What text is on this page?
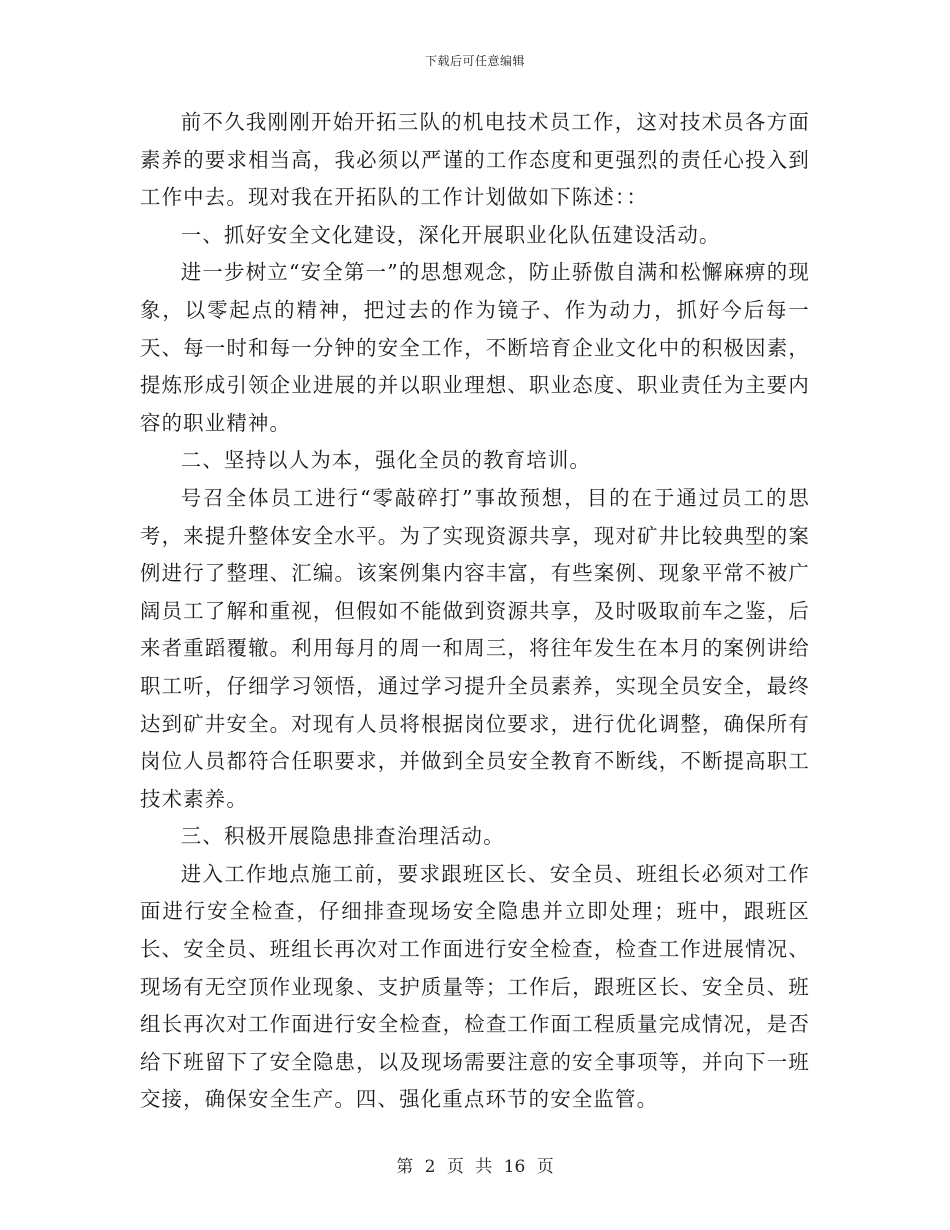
下载后可任意编辑

前不久我刚刚开始开拓三队的机电技术员工作，这对技术员各方面素养的要求相当高，我必须以严谨的工作态度和更强烈的责任心投入到工作中去。现对我在开拓队的工作计划做如下陈述：：

一、抓好安全文化建设，深化开展职业化队伍建设活动。

进一步树立“安全第一”的思想观念，防止骄傲自满和松懈麻痹的现象，以零起点的精神，把过去的作为镜子、作为动力，抓好今后每一天、每一时和每一分钟的安全工作，不断培育企业文化中的积极因素，提炼形成引领企业进展的并以职业理想、职业态度、职业责任为主要内容的职业精神。

二、坚持以人为本，强化全员的教育培训。

号召全体员工进行“零敲碎打”事故预想，目的在于通过员工的思考，来提升整体安全水平。为了实现资源共享，现对矿井比较典型的案例进行了整理、汇编。该案例集内容丰富，有些案例、现象平常不被广阔员工了解和重视，但假如不能做到资源共享，及时吸取前车之鉴，后来者重蹈覆辙。利用每月的周一和周三，将往年发生在本月的案例讲给职工听，仔细学习领悟，通过学习提升全员素养，实现全员安全，最终达到矿井安全。对现有人员将根据岗位要求，进行优化调整，确保所有岗位人员都符合任职要求，并做到全员安全教育不断线，不断提高职工技术素养。

三、积极开展隐患排查治理活动。

进入工作地点施工前，要求跟班区长、安全员、班组长必须对工作面进行安全检查，仔细排查现场安全隐患并立即处理；班中，跟班区长、安全员、班组长再次对工作面进行安全检查，检查工作进展情况、现场有无空顶作业现象、支护质量等；工作后，跟班区长、安全员、班组长再次对工作面进行安全检查，检查工作面工程质量完成情况，是否给下班留下了安全隐患，以及现场需要注意的安全事项等，并向下一班交接，确保安全生产。四、强化重点环节的安全监管。

第 2 页 共 16 页
